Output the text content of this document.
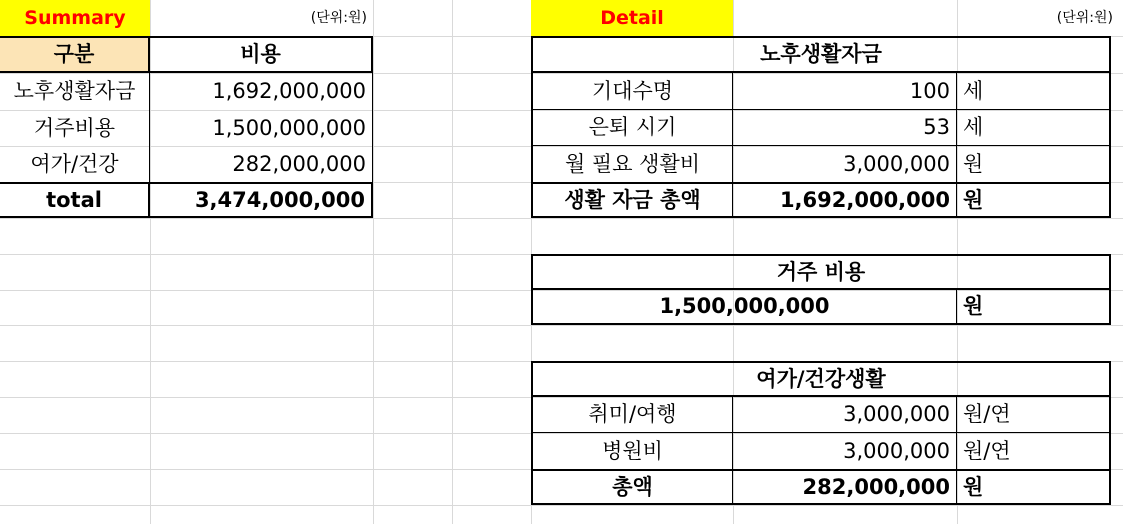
Summary	(단위:원)
구분	비용
노후생활자금	1,692,000,000
거주비용	1,500,000,000
여가/건강	282,000,000
total	3,474,000,000
Detail	(단위:원)
노후생활자금
기대수명	100 세
은퇴 시기	53 세
월 필요 생활비	3,000,000 원
생활 자금 총액	1,692,000,000 원
거주 비용
1,500,000,000	원
여가/건강생활
취미/여행	3,000,000 원/연
병원비	3,000,000 원/연
총액	282,000,000 원
